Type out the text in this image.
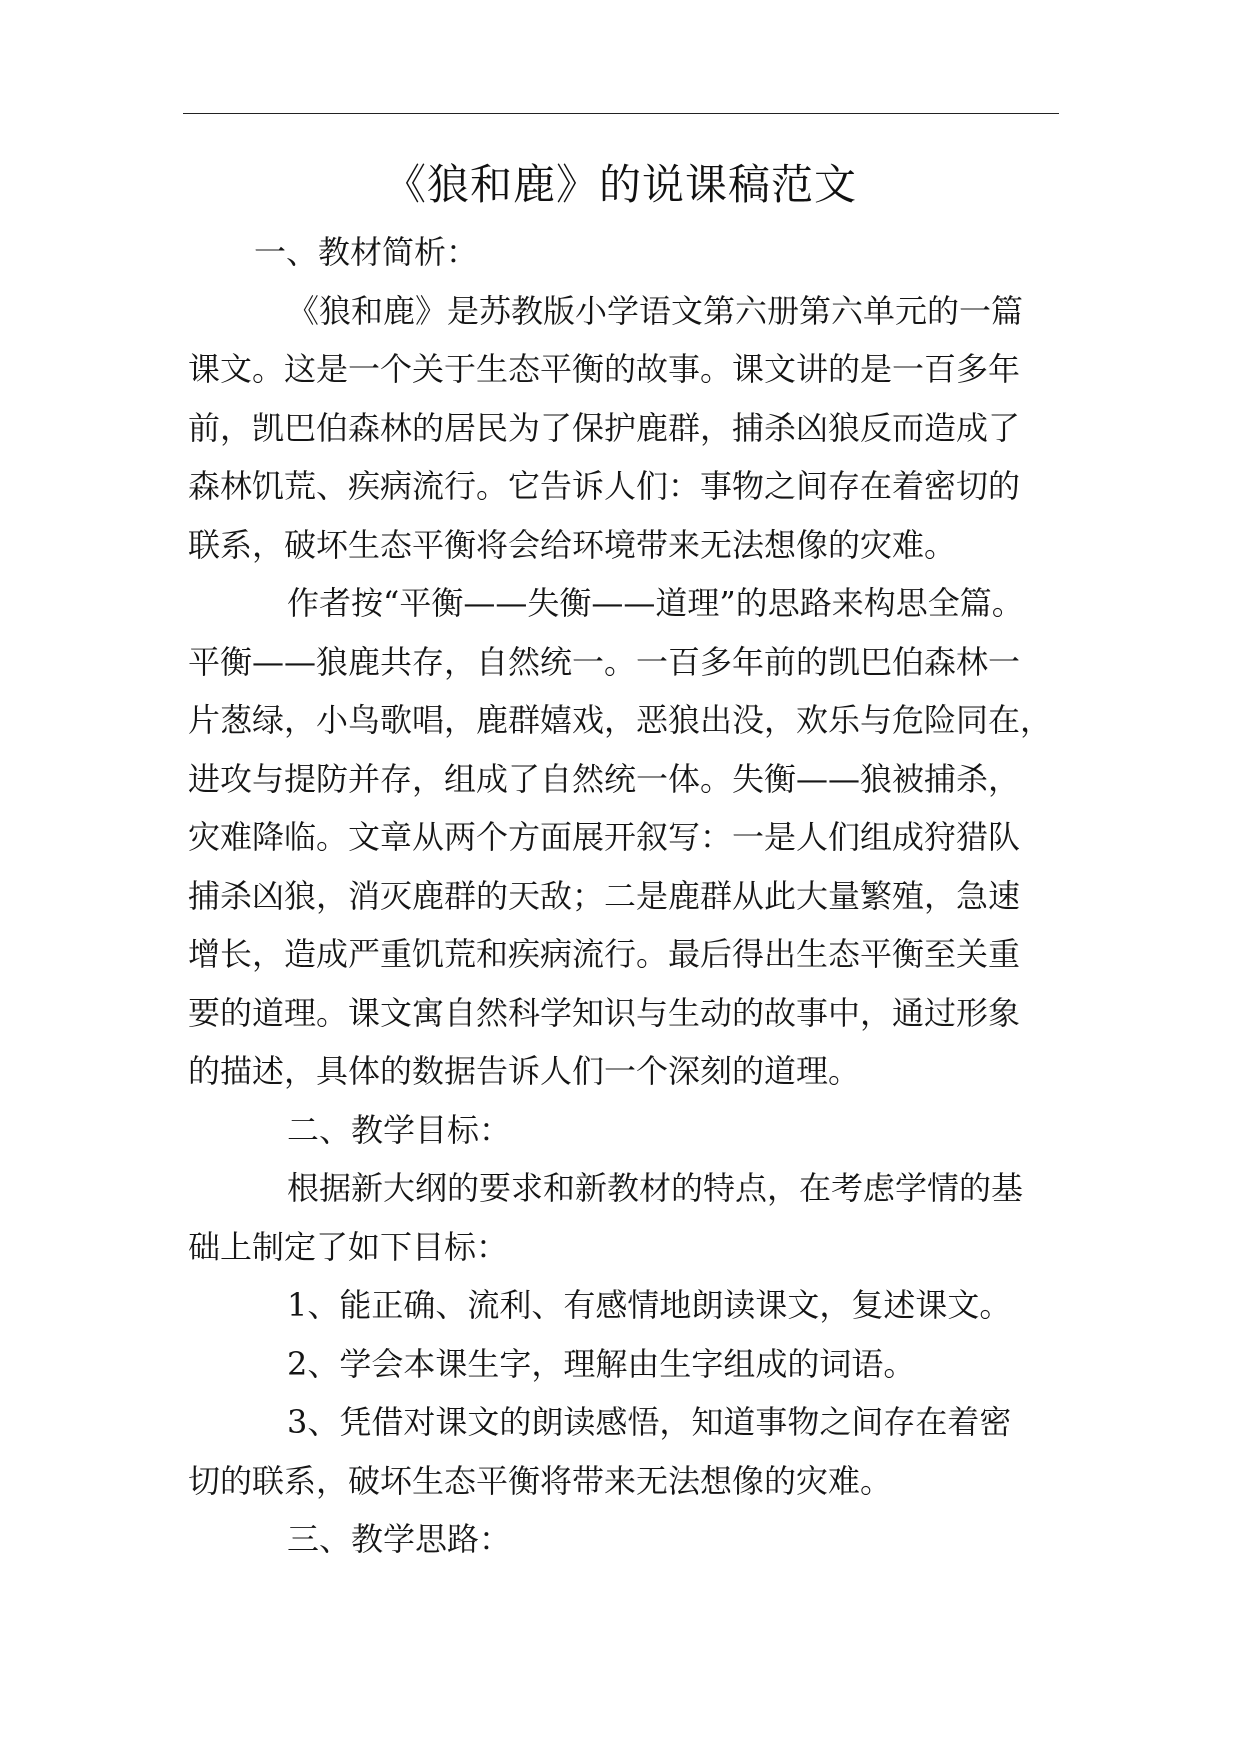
《狼和鹿》的说课稿范文
一、教材简析：
《狼和鹿》是苏教版小学语文第六册第六单元的一篇
课文。这是一个关于生态平衡的故事。课文讲的是一百多年
前，凯巴伯森林的居民为了保护鹿群，捕杀凶狼反而造成了
森林饥荒、疾病流行。它告诉人们：事物之间存在着密切的
联系，破坏生态平衡将会给环境带来无法想像的灾难。
作者按“平衡——失衡——道理”的思路来构思全篇。
平衡——狼鹿共存，自然统一。一百多年前的凯巴伯森林一
片葱绿，小鸟歌唱，鹿群嬉戏，恶狼出没，欢乐与危险同在，
进攻与提防并存，组成了自然统一体。失衡——狼被捕杀，
灾难降临。文章从两个方面展开叙写：一是人们组成狩猎队
捕杀凶狼，消灭鹿群的天敌；二是鹿群从此大量繁殖，急速
增长，造成严重饥荒和疾病流行。最后得出生态平衡至关重
要的道理。课文寓自然科学知识与生动的故事中，通过形象
的描述，具体的数据告诉人们一个深刻的道理。
二、教学目标：
根据新大纲的要求和新教材的特点，在考虑学情的基
础上制定了如下目标：
1、能正确、流利、有感情地朗读课文，复述课文。
2、学会本课生字，理解由生字组成的词语。
3、凭借对课文的朗读感悟，知道事物之间存在着密
切的联系，破坏生态平衡将带来无法想像的灾难。
三、教学思路：
